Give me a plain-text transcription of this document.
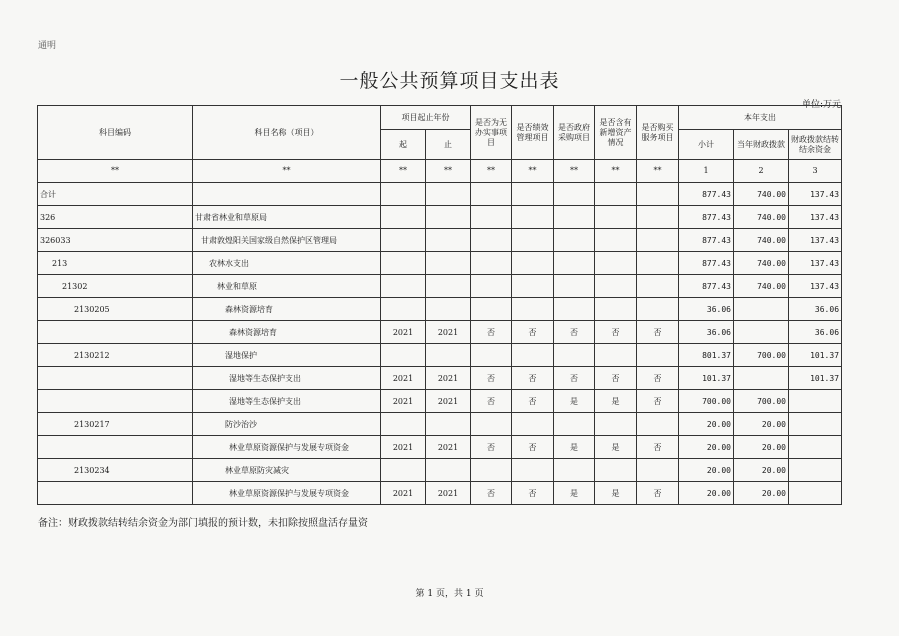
通明
一般公共预算项目支出表
单位:万元
科目编码	科目名称（项目）	项目起止年份		是否为无办实事项目	是否绩效管理项目	是否政府采购项目	是否含有新增资产情况	是否购买服务项目	本年支出		
		起	止						小计	当年财政拨款	财政拨款结转结余资金
**	**	**	**	**	**	**	**	**	1	2	3
合计									877.43	740.00	137.43
326	甘肃省林业和草原局								877.43	740.00	137.43
326033	甘肃敦煌阳关国家级自然保护区管理局								877.43	740.00	137.43
213	农林水支出								877.43	740.00	137.43
21302	林业和草原								877.43	740.00	137.43
2130205	森林资源培育								36.06		36.06
	森林资源培育	2021	2021	否	否	否	否	否	36.06		36.06
2130212	湿地保护								801.37	700.00	101.37
	湿地等生态保护支出	2021	2021	否	否	否	否	否	101.37		101.37
	湿地等生态保护支出	2021	2021	否	否	是	是	否	700.00	700.00	
2130217	防沙治沙								20.00	20.00	
	林业草原资源保护与发展专项资金	2021	2021	否	否	是	是	否	20.00	20.00	
2130234	林业草原防灾减灾								20.00	20.00	
	林业草原资源保护与发展专项资金	2021	2021	否	否	是	是	否	20.00	20.00	
备注：财政拨款结转结余资金为部门填报的预计数，未扣除按照盘活存量资
第 1 页，共 1 页
